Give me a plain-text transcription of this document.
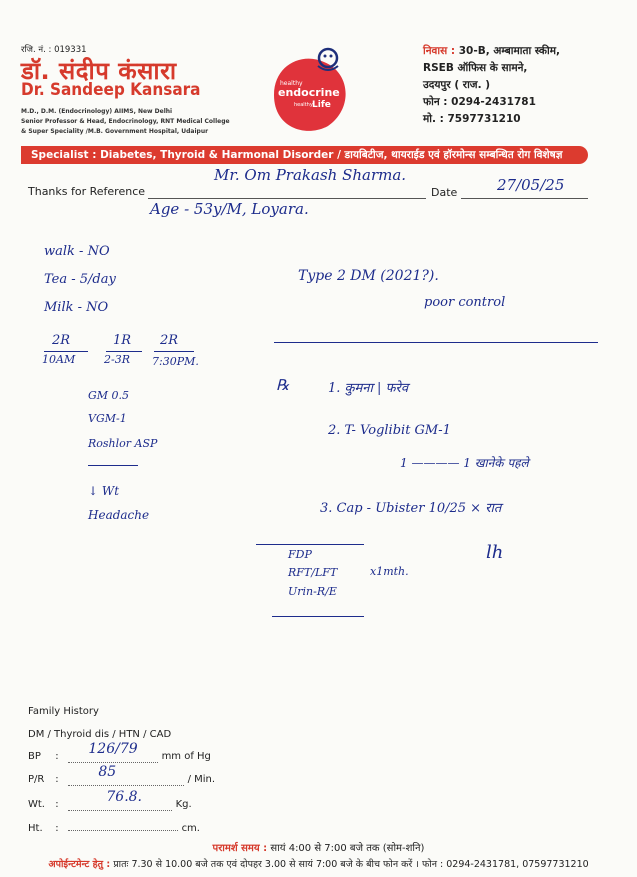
रजि. नं. : 019331
डॉ. संदीप कंसारा
Dr. Sandeep Kansara
M.D., D.M. (Endocrinology) AIIMS, New Delhi
Senior Professor & Head, Endocrinology, RNT Medical College
& Super Speciality /M.B. Government Hospital, Udaipur
healthy
endocrine
healthy Life
निवास : 30-B, अम्बामाता स्कीम,
RSEB ऑफिस के सामने,
उदयपुर ( राज. )
फोन : 0294-2431781
मो. : 7597731210
Specialist : Diabetes, Thyroid & Harmonal Disorder / डायबिटीज, थायराईड एवं हॉरमोन्स सम्बन्धित रोग विशेषज्ञ
Thanks for Reference
Mr. Om Prakash Sharma.
Date	27/05/25
Age - 53y/M, Loyara.
walk - NO
Tea - 5/day
Milk - NO
2R	1R 2R
10AM	2-3R 7:30PM.
GM 0.5
VGM-1
Roshlor ASP
↓ Wt
Headache
Type 2 DM (2021?).
poor control
℞	1. कुमना | फरेव
2. T- Voglibit GM-1
1 ———— 1 खानेके पहले
3. Cap - Ubister 10/25 × रात
FDP
RFT/LFT
Urin-R/E
x1mth.
lh
Family History
DM / Thyroid dis / HTN / CAD
BP : 126/79 mm of Hg
P/R :	85	/ Min.
Wt. :	76.8.	Kg.
Ht. :	cm.
परामर्श समय : सायं 4:00 से 7:00 बजे तक (सोम-शनि)
अपोईन्टमेन्ट हेतु : प्रातः 7.30 से 10.00 बजे तक एवं दोपहर 3.00 से सायं 7:00 बजे के बीच फोन करें । फोन : 0294-2431781, 07597731210
